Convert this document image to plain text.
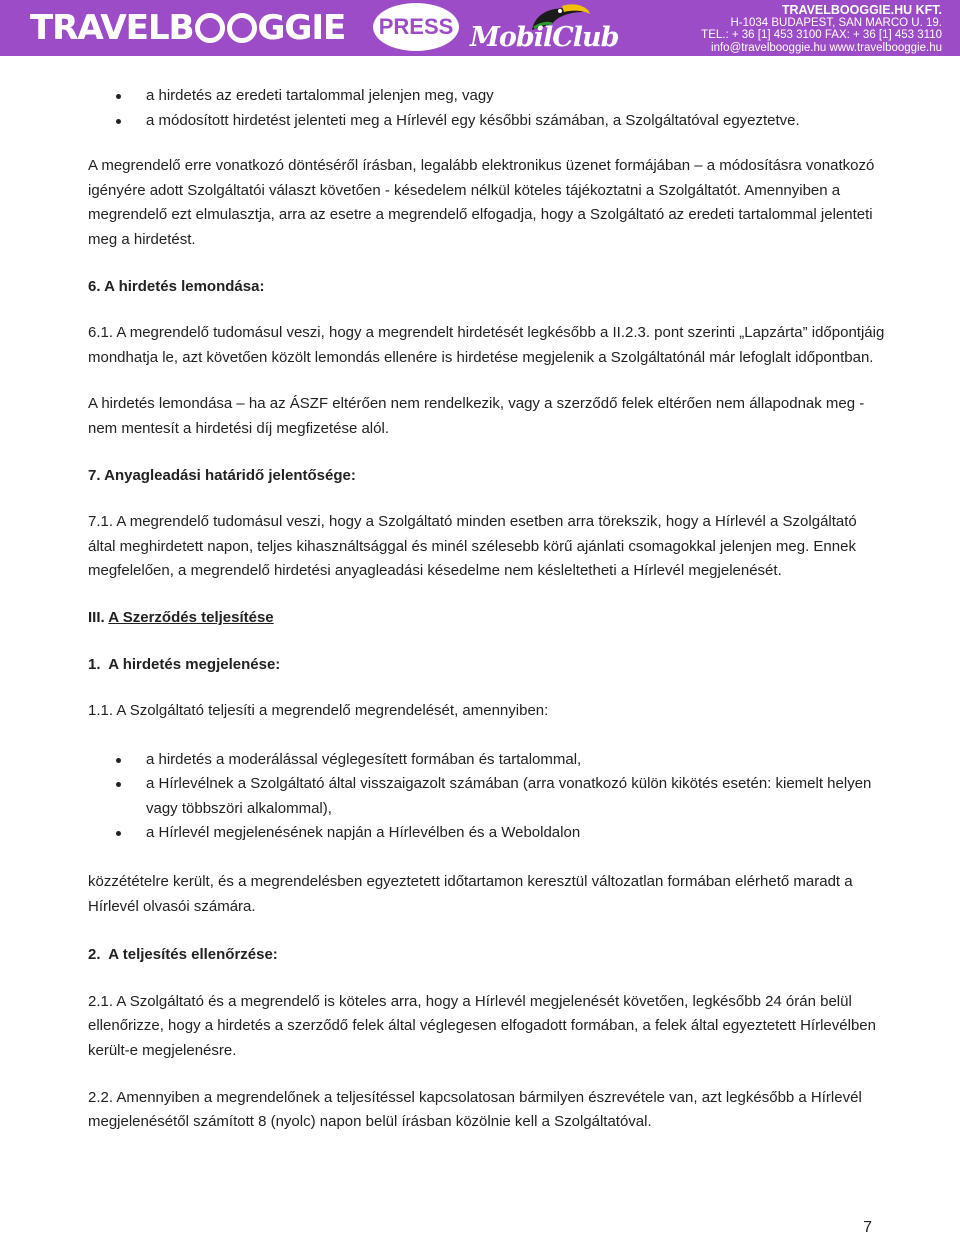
TRAVELB GGIE PRESS MobilClub
TRAVELBOOGGIE.HU KFT.
H-1034 BUDAPEST, SAN MARCO U. 19.
TEL.: + 36 [1] 453 3100 FAX: + 36 [1] 453 3110
info@travelbooggie.hu www.travelbooggie.hu
a hirdetés az eredeti tartalommal jelenjen meg, vagy
a módosított hirdetést jelenteti meg a Hírlevél egy későbbi számában, a Szolgáltatóval egyeztetve.

A megrendelő erre vonatkozó döntéséről írásban, legalább elektronikus üzenet formájában – a módosításra vonatkozó igényére adott Szolgáltatói választ követően - késedelem nélkül köteles tájékoztatni a Szolgáltatót. Amennyiben a megrendelő ezt elmulasztja, arra az esetre a megrendelő elfogadja, hogy a Szolgáltató az eredeti tartalommal jelenteti meg a hirdetést.

6. A hirdetés lemondása:

6.1. A megrendelő tudomásul veszi, hogy a megrendelt hirdetését legkésőbb a II.2.3. pont szerinti „Lapzárta” időpontjáig mondhatja le, azt követően közölt lemondás ellenére is hirdetése megjelenik a Szolgáltatónál már lefoglalt időpontban.

A hirdetés lemondása – ha az ÁSZF eltérően nem rendelkezik, vagy a szerződő felek eltérően nem állapodnak meg - nem mentesít a hirdetési díj megfizetése alól.

7. Anyagleadási határidő jelentősége:

7.1. A megrendelő tudomásul veszi, hogy a Szolgáltató minden esetben arra törekszik, hogy a Hírlevél a Szolgáltató által meghirdetett napon, teljes kihasználtsággal és minél szélesebb körű ajánlati csomagokkal jelenjen meg. Ennek megfelelően, a megrendelő hirdetési anyagleadási késedelme nem késleltetheti a Hírlevél megjelenését.

III. A Szerződés teljesítése

1.  A hirdetés megjelenése:

1.1. A Szolgáltató teljesíti a megrendelő megrendelését, amennyiben:

a hirdetés a moderálással véglegesített formában és tartalommal,
a Hírlevélnek a Szolgáltató által visszaigazolt számában (arra vonatkozó külön kikötés esetén: kiemelt helyen vagy többszöri alkalommal),
a Hírlevél megjelenésének napján a Hírlevélben és a Weboldalon

közzétételre került, és a megrendelésben egyeztetett időtartamon keresztül változatlan formában elérhető maradt a Hírlevél olvasói számára.

2.  A teljesítés ellenőrzése:

2.1. A Szolgáltató és a megrendelő is köteles arra, hogy a Hírlevél megjelenését követően, legkésőbb 24 órán belül ellenőrizze, hogy a hirdetés a szerződő felek által véglegesen elfogadott formában, a felek által egyeztetett Hírlevélben került-e megjelenésre.

2.2. Amennyiben a megrendelőnek a teljesítéssel kapcsolatosan bármilyen észrevétele van, azt legkésőbb a Hírlevél megjelenésétől számított 8 (nyolc) napon belül írásban közölnie kell a Szolgáltatóval.

7
